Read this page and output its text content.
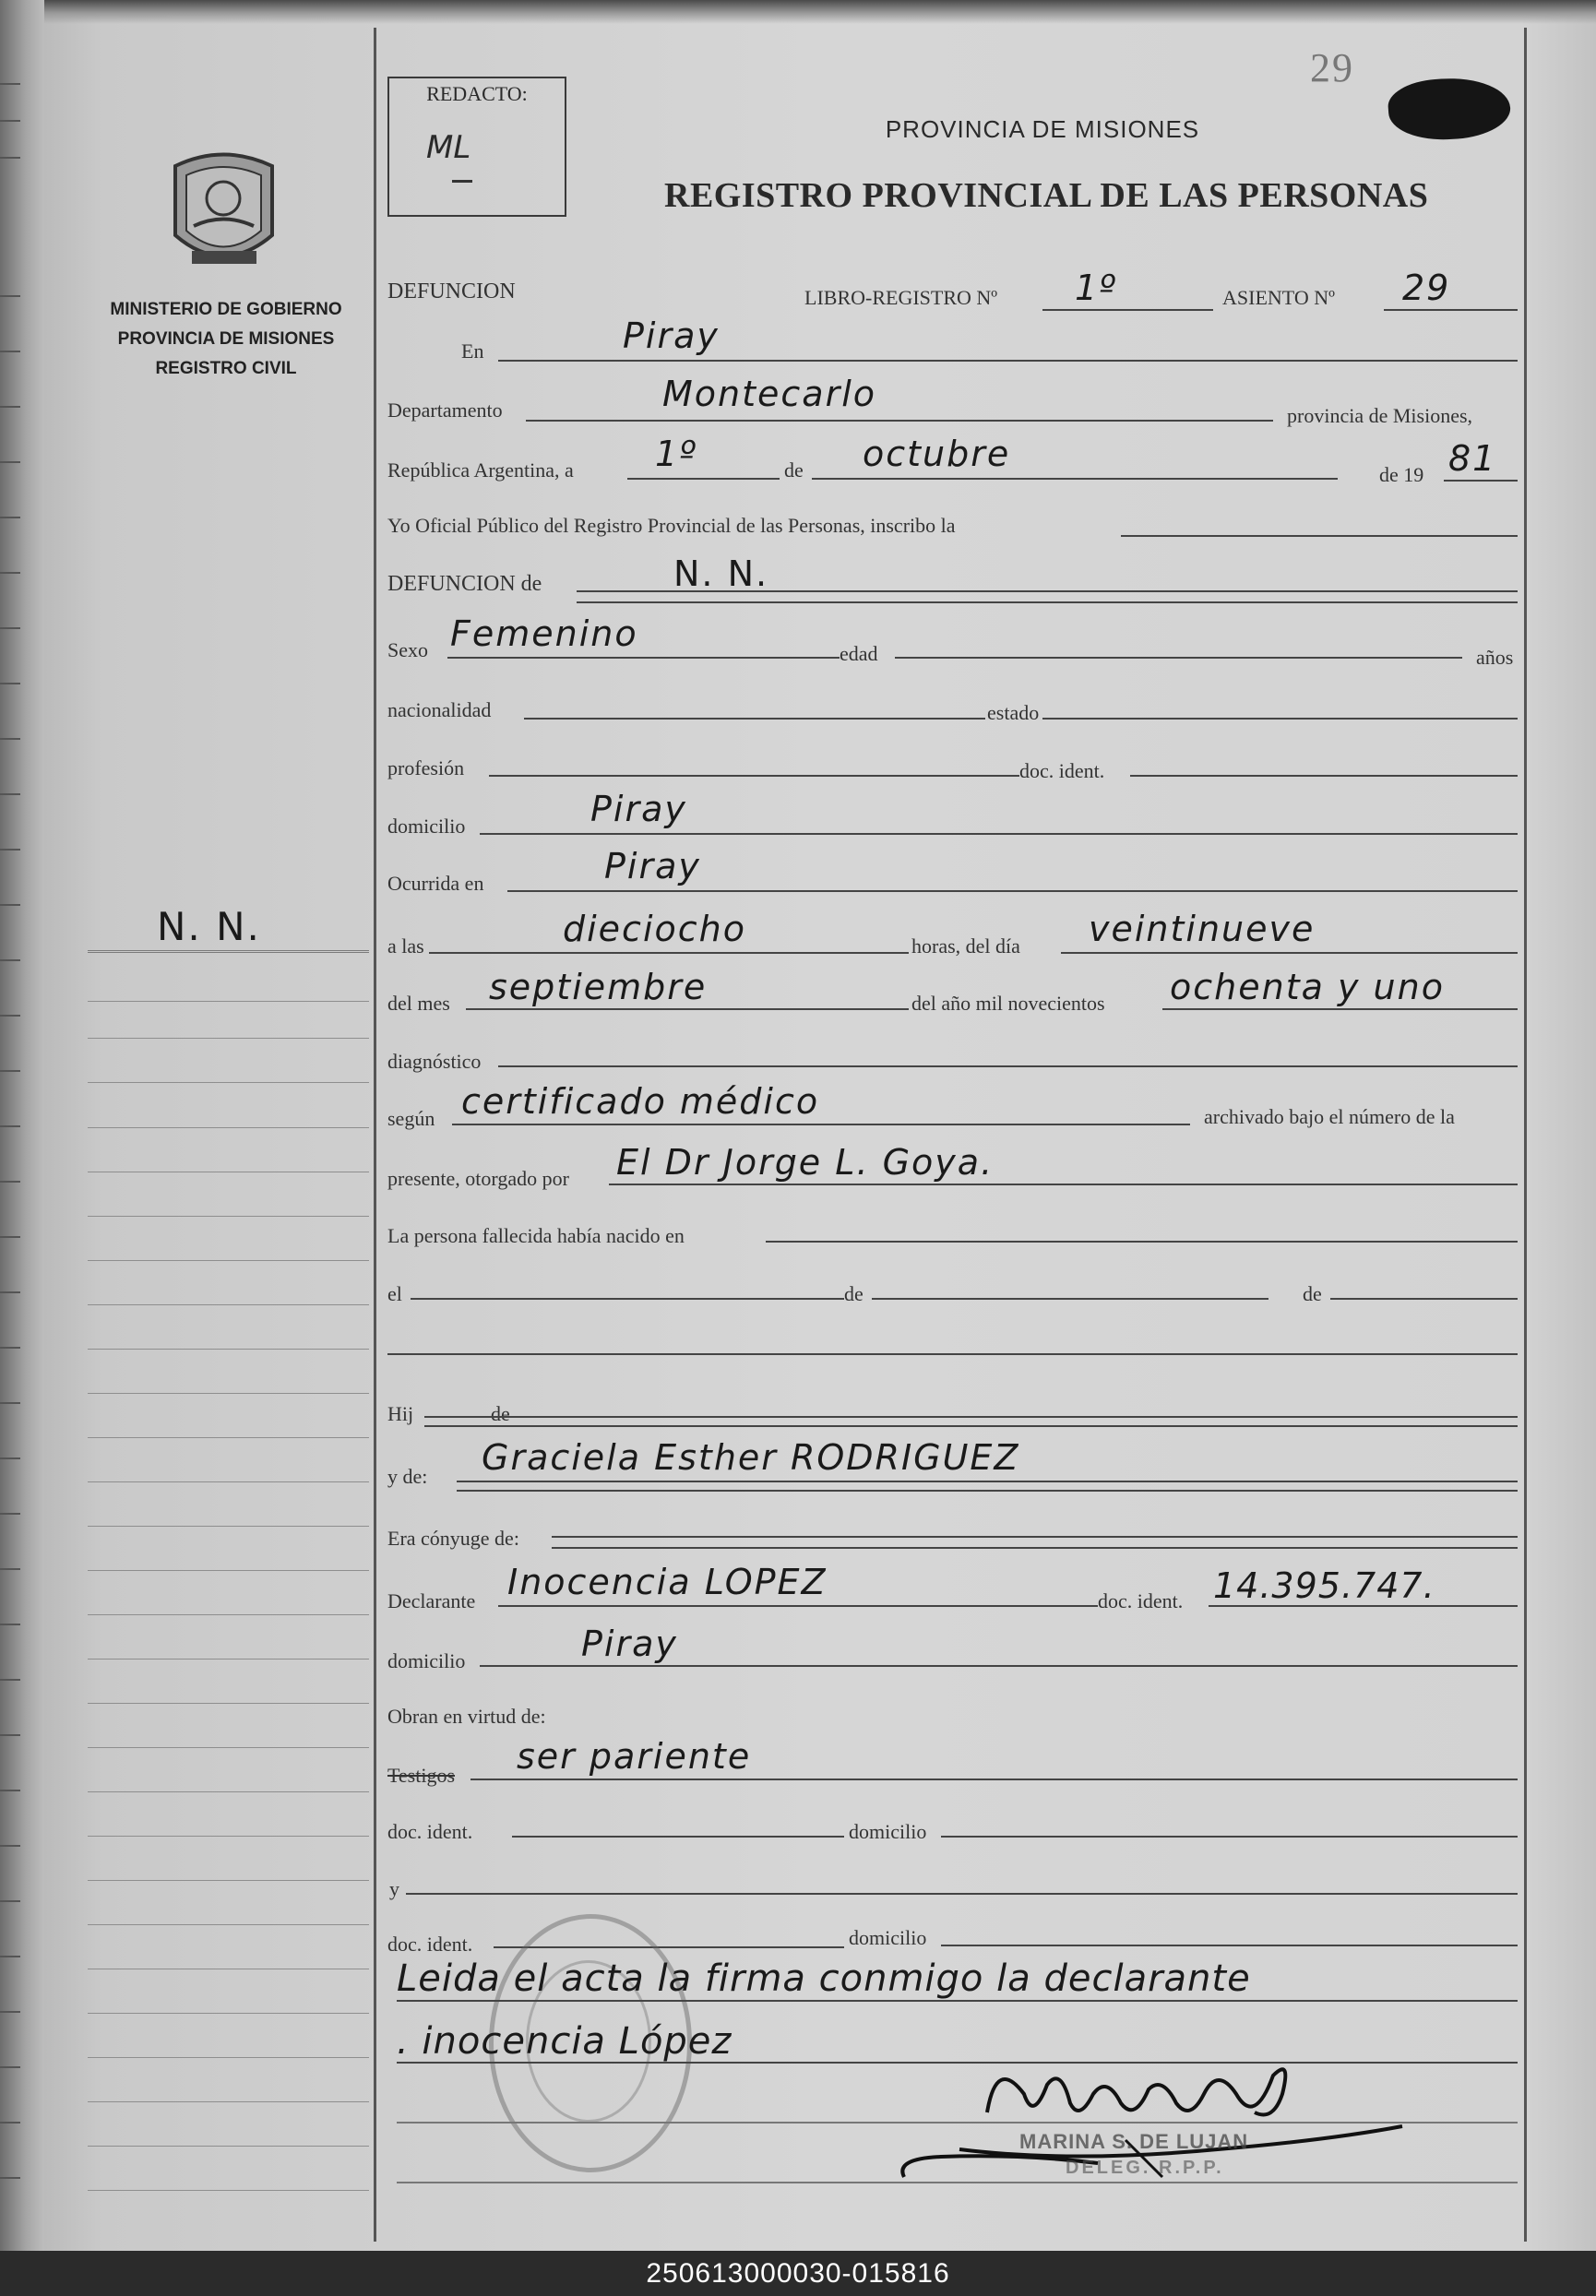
MINISTERIO DE GOBIERNO
PROVINCIA DE MISIONES
REGISTRO CIVIL
N. N.
REDACTO:
ML
29
PROVINCIA DE MISIONES
REGISTRO PROVINCIAL DE LAS PERSONAS
DEFUNCION	LIBRO-REGISTRO Nº 1º	ASIENTO Nº 29
En	Piray
Departamento	Montecarlo
provincia de Misiones,
República Argentina, a 1º	de octubre
de 19 81
Yo Oficial Público del Registro Provincial de las Personas, inscribo la
DEFUNCION de	N. N.
Sexo Femenino	edad	años
nacionalidad	estado
profesión	doc. ident.
domicilio	Piray
Ocurrida en	Piray
a las	dieciocho	horas, del día veintinueve
del mes septiembre	del año mil novecientos ochenta y uno
diagnóstico
según certificado médico	archivado bajo el número de la
presente, otorgado por El Dr Jorge L. Goya.
La persona fallecida había nacido en
el	de	de
Hij	de
y de: Graciela Esther RODRIGUEZ
Era cónyuge de:
Declarante Inocencia LOPEZ	doc. ident. 14.395.747.
domicilio	Piray
Obran en virtud de:
Testigos ser pariente
doc. ident.	domicilio
y
doc. ident.	domicilio
Leida el acta la firma conmigo la declarante
. inocencia López
MARINA S. DE LUJAN
DELEG. R.P.P.
250613000030-015816
